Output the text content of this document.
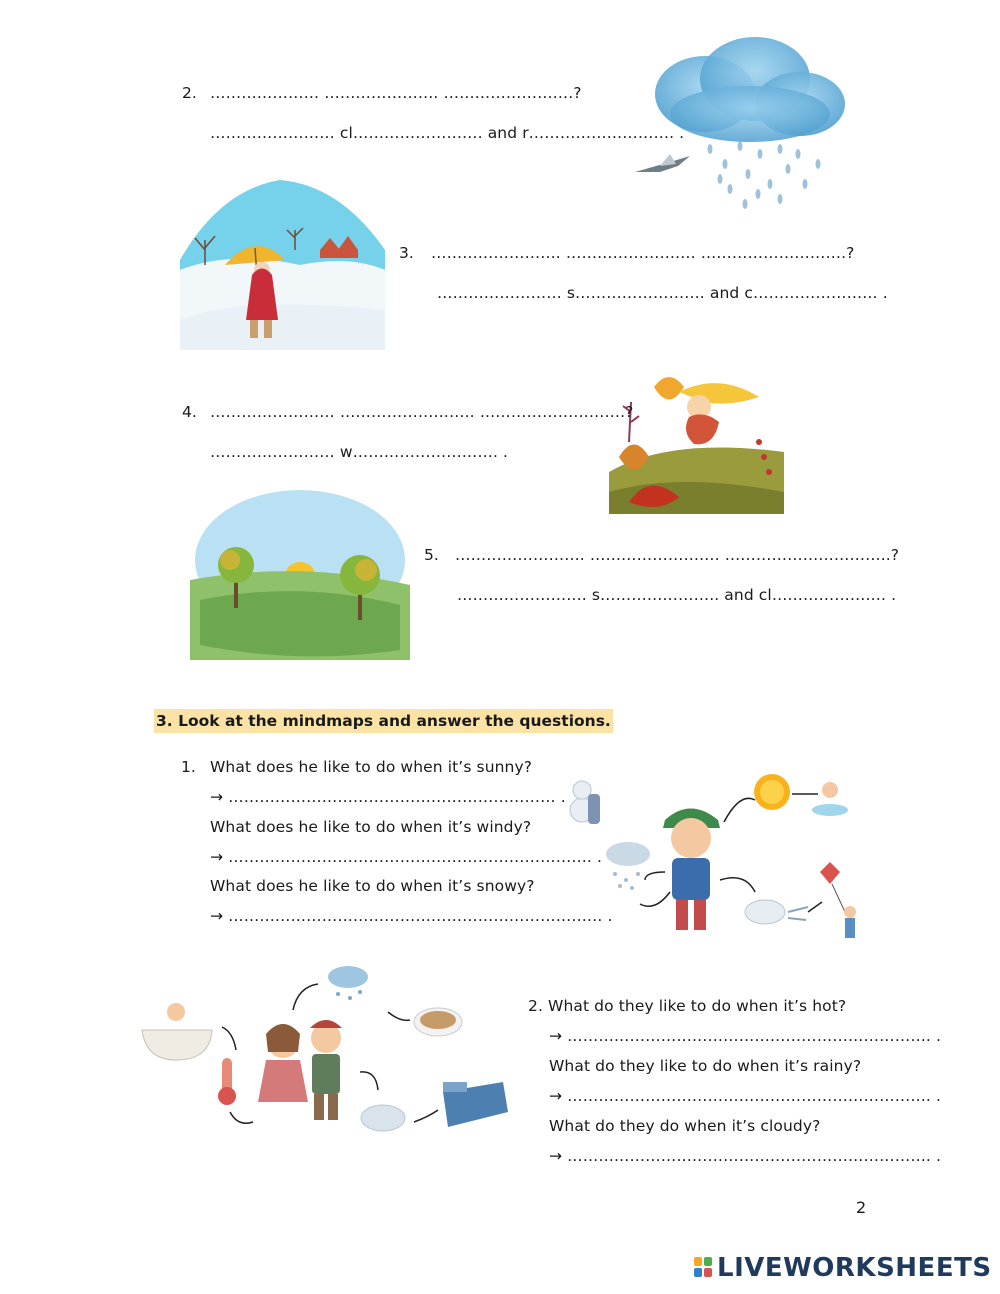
2. ………………… …………………. …………………….?
…………………… cl……………………. and r………………………. .
3. ……………………. ……………………. ……………………….?
…………………… s……………………. and c…………………… .
4. …………………… …………………….. ……………………….?
…………………… w………………………. .
5. ……………………. ……………………. …………………………..?
……………………. s………………….. and cl…………………. .
3. Look at the mindmaps and answer the questions.
1. What does he like to do when it’s sunny?
→ ……………………………………………………… .
What does he like to do when it’s windy?
→ ……………………………………………………………. .
What does he like to do when it’s snowy?
→ ……………………………………………………………… .
2. What do they like to do when it’s hot?
→ ……………………………………………………………. .
What do they like to do when it’s rainy?
→ ……………………………………………………………. .
What do they do when it’s cloudy?
→ ……………………………………………………………. .
2
LIVEWORKSHEETS
